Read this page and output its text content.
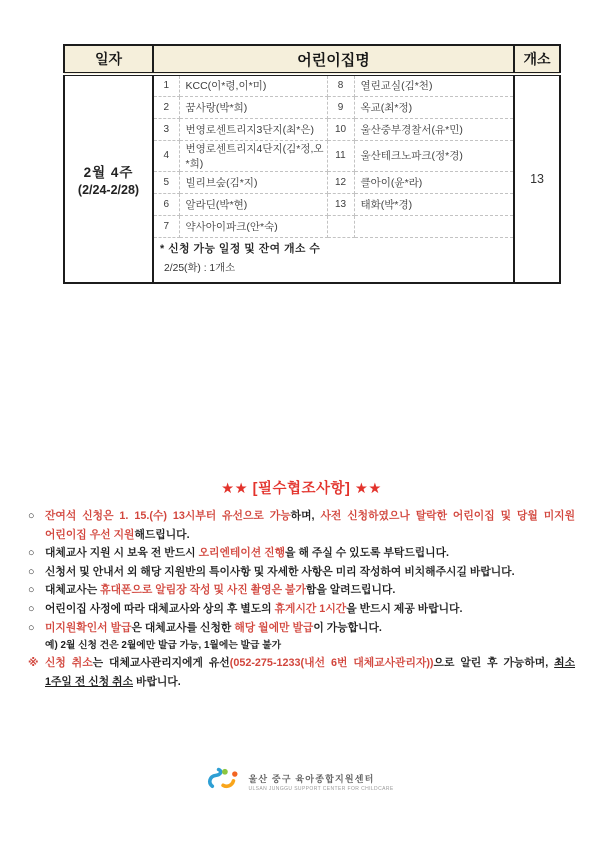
일자	어린이집명				개소

2월 4주
(2/24-2/28)	1	KCC(이*령,이*미)	8	열린교실(김*천)	13
	2	꿈사랑(박*희)	9	옥교(최*정)	
	3	번영로센트리지3단지(최*은)	10	울산중부경찰서(유*민)	
	4	번영로센트리지4단지(김*정,오*희)	11	울산테크노파크(정*경)	
	5	빌리브숲(김*지)	12	클아이(윤*라)	
	6	알라딘(박*현)	13	태화(박*경)	
	7	약사아이파크(안*숙)			

	* 신청 가능 일정 및 잔여 개소 수
2/25(화) : 1개소				
★★ [필수협조사항] ★★
○ 잔여석 신청은 1. 15.(수) 13시부터 유선으로 가능하며, 사전 신청하였으나 탈락한 어린이집 및 당월 미지원 어린이집 우선 지원해드립니다.
○ 대체교사 지원 시 보육 전 반드시 오리엔테이션 진행을 해 주실 수 있도록 부탁드립니다.
○ 신청서 및 안내서 외 해당 지원반의 특이사항 및 자세한 사항은 미리 작성하여 비치해주시길 바랍니다.
○ 대체교사는 휴대폰으로 알림장 작성 및 사진 촬영은 불가함을 알려드립니다.
○ 어린이집 사정에 따라 대체교사와 상의 후 별도의 휴게시간 1시간을 반드시 제공 바랍니다.
○ 미지원확인서 발급은 대체교사를 신청한 해당 월에만 발급이 가능합니다.
예) 2월 신청 건은 2월에만 발급 가능, 1월에는 발급 불가
※ 신청 취소는 대체교사관리지에게 유선(052-275-1233(내선 6번 대체교사관리자))으로 알린 후 가능하며, 최소 1주일 전 신청 취소 바랍니다.
울산 중구 육아종합지원센터
ULSAN JUNGGU SUPPORT CENTER FOR CHILDCARE
